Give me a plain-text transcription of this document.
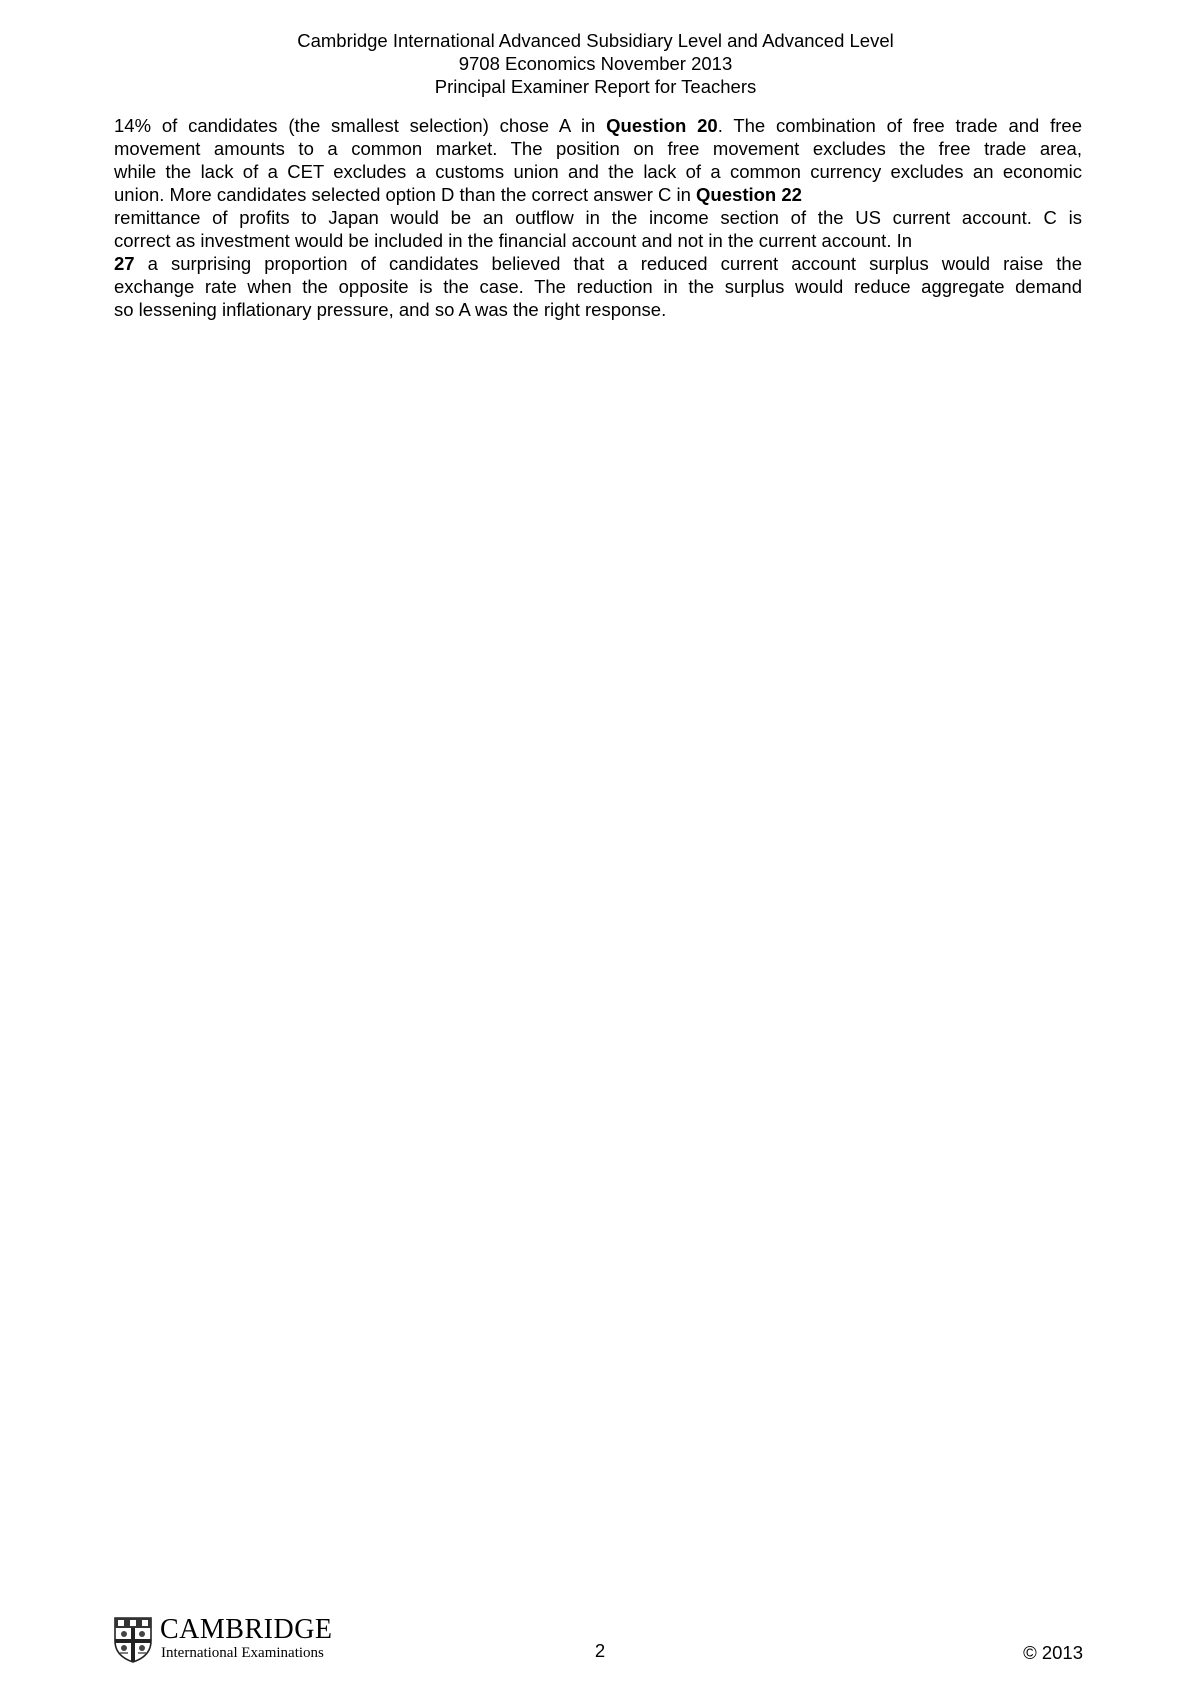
Cambridge International Advanced Subsidiary Level and Advanced Level
9708 Economics November 2013
Principal Examiner Report for Teachers
14% of candidates (the smallest selection) chose A in Question 20. The combination of free trade and free
movement amounts to a common market. The position on free movement excludes the free trade area,
while the lack of a CET excludes a customs union and the lack of a common currency excludes an economic
union. More candidates selected option D than the correct answer C in Question 22
remittance of profits to Japan would be an outflow in the income section of the US current account. C is
correct as investment would be included in the financial account and not in the current account. In
27 a surprising proportion of candidates believed that a reduced current account surplus would raise the
exchange rate when the opposite is the case. The reduction in the surplus would reduce aggregate demand
so lessening inflationary pressure, and so A was the right response.
CAMBRIDGE
International Examinations	2	© 2013
